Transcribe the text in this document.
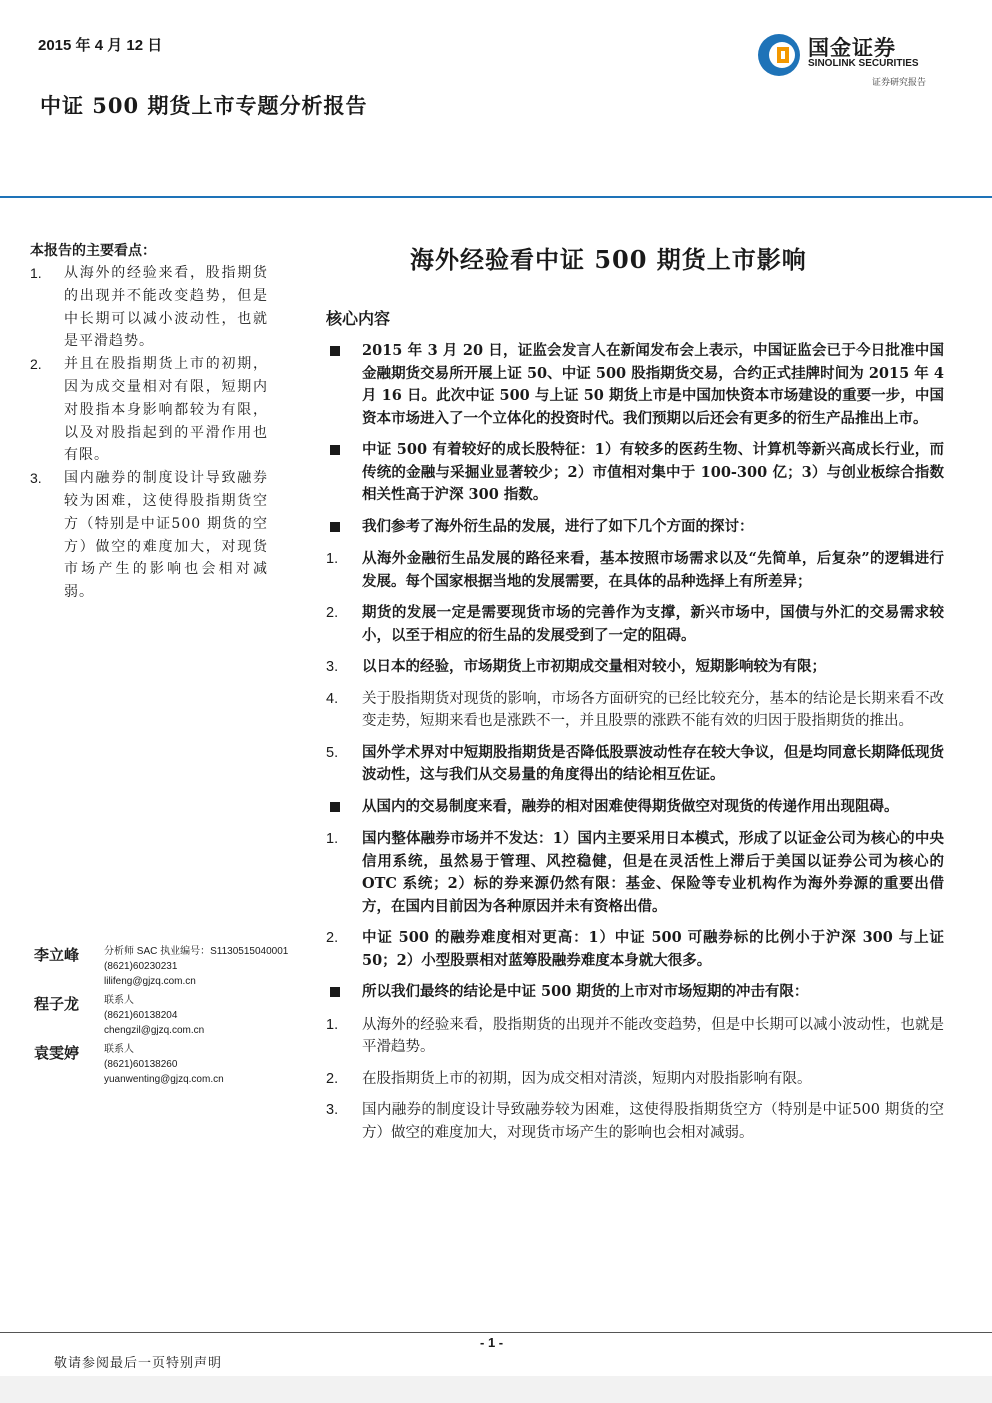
2015 年 4 月 12 日
中证 500 期货上市专题分析报告
国金证券
SINOLINK SECURITIES
证券研究报告
本报告的主要看点：
1.	从海外的经验来看，股指期货的出现并不能改变趋势，但是中长期可以减小波动性，也就是平滑趋势。
2.	并且在股指期货上市的初期，因为成交量相对有限，短期内对股指本身影响都较为有限，以及对股指起到的平滑作用也有限。
3.	国内融券的制度设计导致融券较为困难，这使得股指期货空方（特别是中证500 期货的空方）做空的难度加大，对现货市场产生的影响也会相对减弱。
李立峰	分析师 SAC 执业编号：S1130515040001
(8621)60230231
lilifeng@gjzq.com.cn
程子龙	联系人
(8621)60138204
chengzil@gjzq.com.cn
袁雯婷	联系人
(8621)60138260
yuanwenting@gjzq.com.cn
海外经验看中证 500 期货上市影响
核心内容
2015 年 3 月 20 日，证监会发言人在新闻发布会上表示，中国证监会已于今日批准中国金融期货交易所开展上证 50、中证 500 股指期货交易，合约正式挂牌时间为 2015 年 4 月 16 日。此次中证 500 与上证 50 期货上市是中国加快资本市场建设的重要一步，中国资本市场进入了一个立体化的投资时代。我们预期以后还会有更多的衍生产品推出上市。
中证 500 有着较好的成长股特征：1）有较多的医药生物、计算机等新兴高成长行业，而传统的金融与采掘业显著较少；2）市值相对集中于 100-300 亿；3）与创业板综合指数相关性高于沪深 300 指数。
我们参考了海外衍生品的发展，进行了如下几个方面的探讨：
1.	从海外金融衍生品发展的路径来看，基本按照市场需求以及“先简单，后复杂”的逻辑进行发展。每个国家根据当地的发展需要，在具体的品种选择上有所差异；
2.	期货的发展一定是需要现货市场的完善作为支撑，新兴市场中，国债与外汇的交易需求较小，以至于相应的衍生品的发展受到了一定的阻碍。
3.	以日本的经验，市场期货上市初期成交量相对较小，短期影响较为有限；
4.	关于股指期货对现货的影响，市场各方面研究的已经比较充分，基本的结论是长期来看不改变走势，短期来看也是涨跌不一，并且股票的涨跌不能有效的归因于股指期货的推出。
5.	国外学术界对中短期股指期货是否降低股票波动性存在较大争议，但是均同意长期降低现货波动性，这与我们从交易量的角度得出的结论相互佐证。
从国内的交易制度来看，融券的相对困难使得期货做空对现货的传递作用出现阻碍。
1.	国内整体融券市场并不发达：1）国内主要采用日本模式，形成了以证金公司为核心的中央信用系统，虽然易于管理、风控稳健，但是在灵活性上滞后于美国以证券公司为核心的 OTC 系统；2）标的券来源仍然有限：基金、保险等专业机构作为海外券源的重要出借方，在国内目前因为各种原因并未有资格出借。
2.	中证 500 的融券难度相对更高：1）中证 500 可融券标的比例小于沪深 300 与上证 50；2）小型股票相对蓝筹股融券难度本身就大很多。
所以我们最终的结论是中证 500 期货的上市对市场短期的冲击有限：
1.	从海外的经验来看，股指期货的出现并不能改变趋势，但是中长期可以减小波动性，也就是平滑趋势。
2.	在股指期货上市的初期，因为成交相对清淡，短期内对股指影响有限。
3.	国内融券的制度设计导致融券较为困难，这使得股指期货空方（特别是中证500 期货的空方）做空的难度加大，对现货市场产生的影响也会相对减弱。
- 1 -
敬请参阅最后一页特别声明
